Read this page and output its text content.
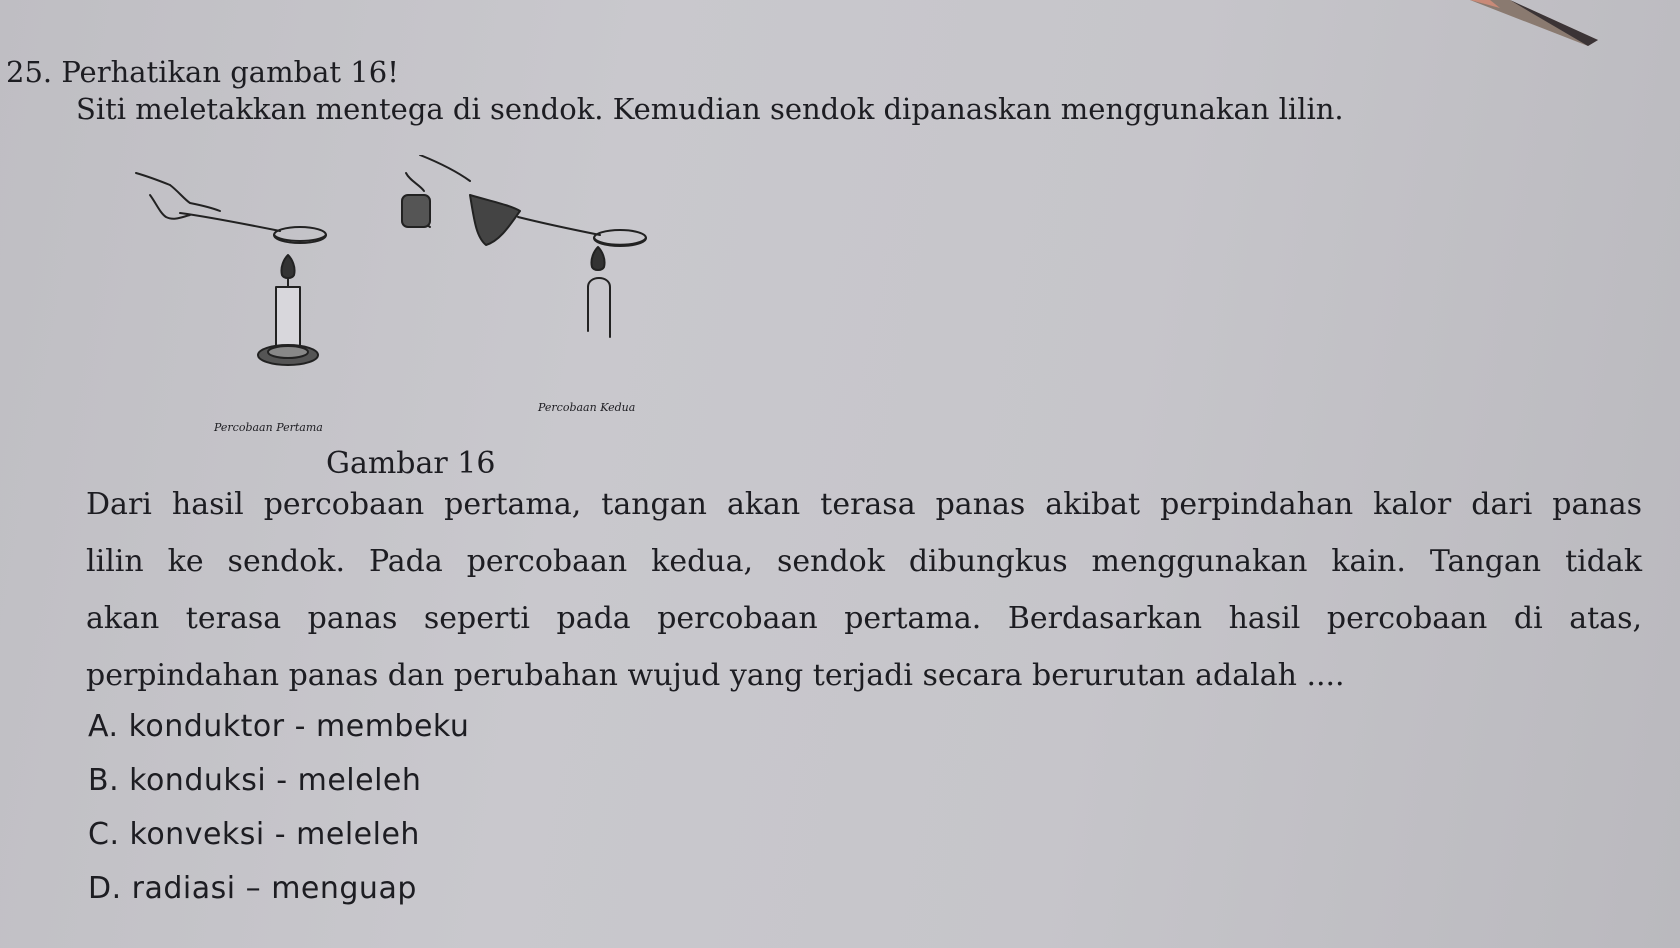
25. Perhatikan gambat 16!
Siti meletakkan mentega di sendok. Kemudian sendok dipanaskan menggunakan lilin.
Percobaan Pertama
Percobaan Kedua
Gambar 16
Dari hasil percobaan pertama, tangan akan terasa panas akibat perpindahan kalor dari panas
lilin ke sendok. Pada percobaan kedua, sendok dibungkus menggunakan kain. Tangan tidak
akan terasa panas seperti pada percobaan pertama. Berdasarkan hasil percobaan di atas,
perpindahan panas dan perubahan wujud yang terjadi secara berurutan adalah ....
A. konduktor - membeku
B. konduksi - meleleh
C. konveksi - meleleh
D. radiasi – menguap
